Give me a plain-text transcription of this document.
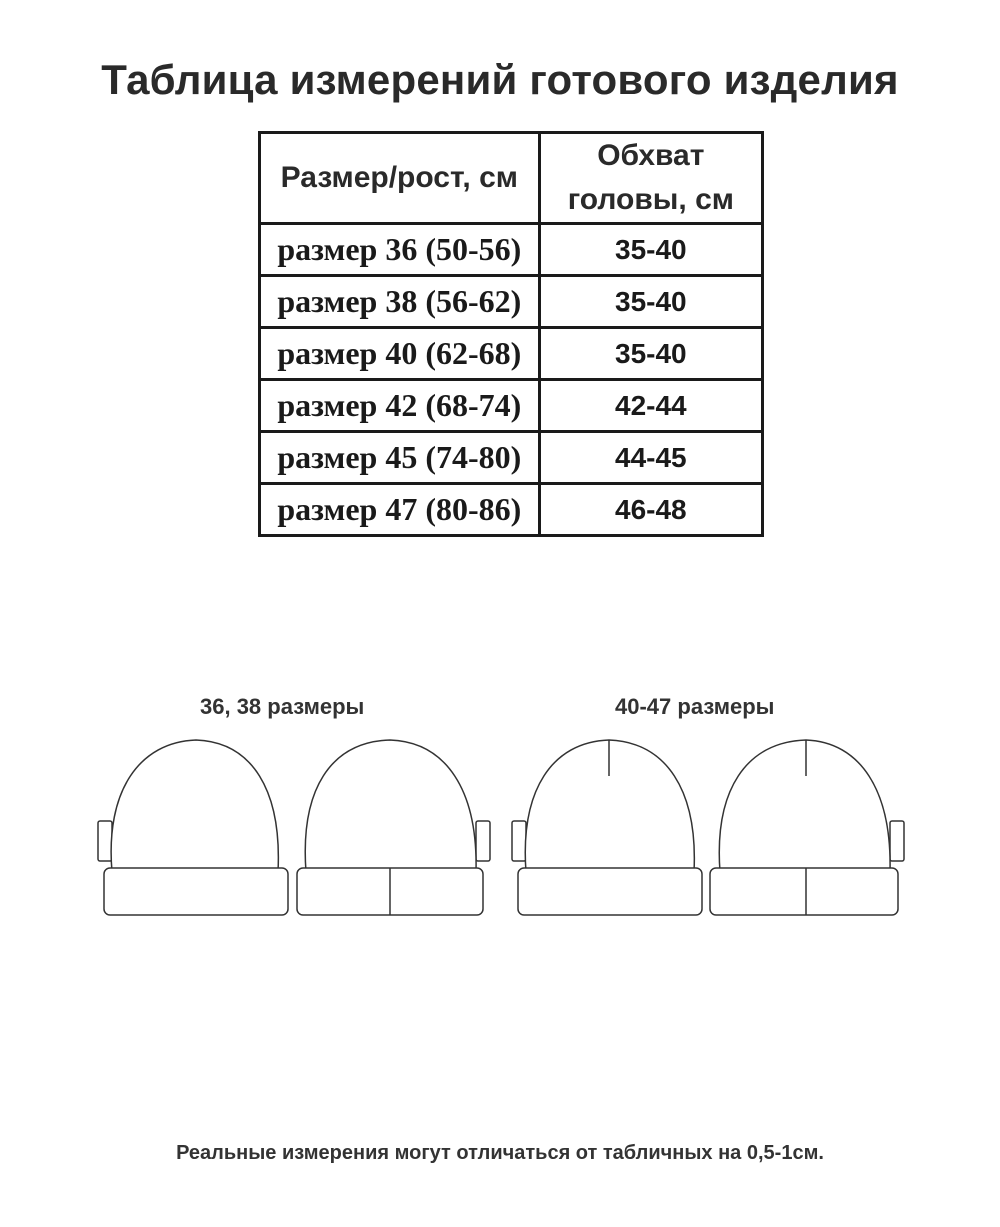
Таблица измерений готового изделия
Размер/рост, см	Обхват
головы, см

размер 36 (50-56)	35-40
размер 38 (56-62)	35-40
размер 40 (62-68)	35-40
размер 42 (68-74)	42-44
размер 45 (74-80)	44-45
размер 47 (80-86)	46-48
36, 38 размеры	40-47 размеры
Реальные измерения могут отличаться от табличных на 0,5-1см.
